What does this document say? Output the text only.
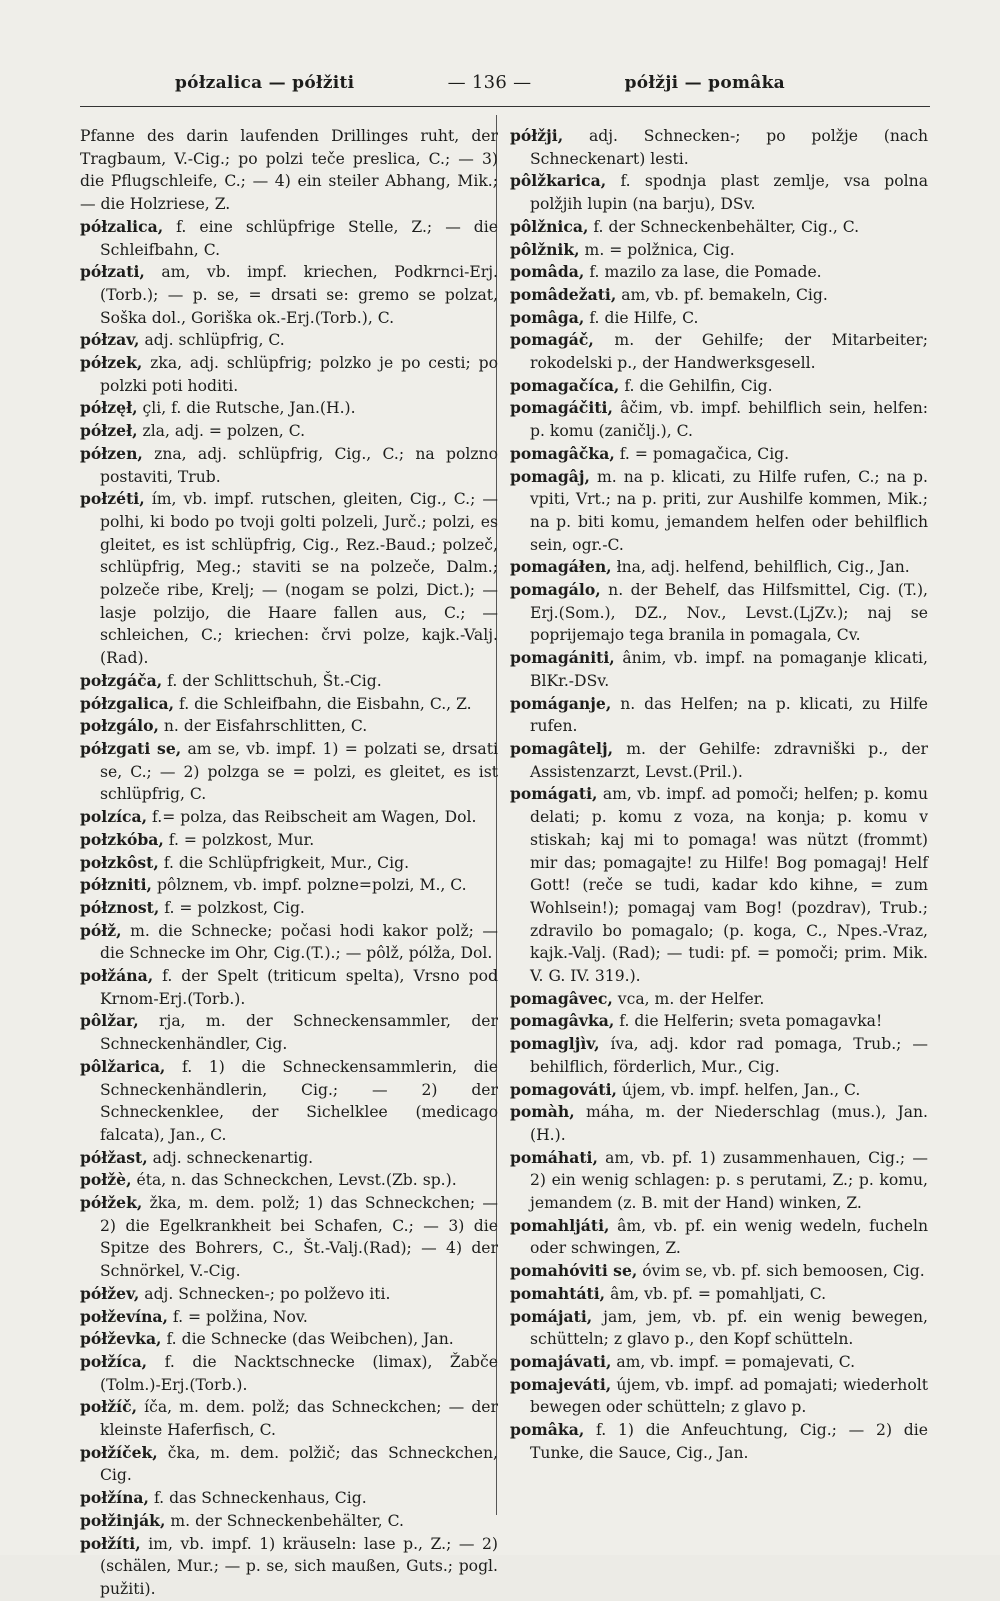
półzalica — półžiti	— 136 —	półžji — pomâka

Pfanne des darin laufenden Drillinges ruht, der Tragbaum, V.-Cig.; po polzi teče preslica, C.; — 3) die Pflugschleife, C.; — 4) ein steiler Abhang, Mik.; — die Holzriese, Z.

półzalica, f. eine schlüpfrige Stelle, Z.; — die Schleifbahn, C.

półzati, am, vb. impf. kriechen, Podkrnci-Erj. (Torb.); — p. se, = drsati se: gremo se polzat, Soška dol., Goriška ok.-Erj.(Torb.), C.

półzav, adj. schlüpfrig, C.

półzek, zka, adj. schlüpfrig; polzko je po cesti; po polzki poti hoditi.

półzęł, çli, f. die Rutsche, Jan.(H.).

półzeł, zla, adj. = polzen, C.

półzen, zna, adj. schlüpfrig, Cig., C.; na polzno postaviti, Trub.

połzéti, ím, vb. impf. rutschen, gleiten, Cig., C.; — polhi, ki bodo po tvoji golti polzeli, Jurč.; polzi, es gleitet, es ist schlüpfrig, Cig., Rez.-Baud.; polzeč, schlüpfrig, Meg.; staviti se na polzeče, Dalm.; polzeče ribe, Krelj; — (nogam se polzi, Dict.); — lasje polzijo, die Haare fallen aus, C.; — schleichen, C.; kriechen: črvi polze, kajk.-Valj.(Rad).

połzgáča, f. der Schlittschuh, Št.-Cig.

półzgalica, f. die Schleifbahn, die Eisbahn, C., Z.

połzgálo, n. der Eisfahrschlitten, C.

półzgati se, am se, vb. impf. 1) = polzati se, drsati se, C.; — 2) polzga se = polzi, es gleitet, es ist schlüpfrig, C.

polzíca, f.= polza, das Reibscheit am Wagen, Dol.

połzkóba, f. = polzkost, Mur.

połzkôst, f. die Schlüpfrigkeit, Mur., Cig.

półzniti, pôlznem, vb. impf. polzne=polzi, M., C.

półznost, f. = polzkost, Cig.

półž, m. die Schnecke; počasi hodi kakor polž; — die Schnecke im Ohr, Cig.(T.).; — pôlž, pólža, Dol.

połžána, f. der Spelt (triticum spelta), Vrsno pod Krnom-Erj.(Torb.).

pôlžar, rja, m. der Schneckensammler, der Schneckenhändler, Cig.

pôlžarica, f. 1) die Schneckensammlerin, die Schneckenhändlerin, Cig.; — 2) der Schneckenklee, der Sichelklee (medicago falcata), Jan., C.

półžast, adj. schneckenartig.

połžè, éta, n. das Schneckchen, Levst.(Zb. sp.).

półžek, žka, m. dem. polž; 1) das Schneckchen; — 2) die Egelkrankheit bei Schafen, C.; — 3) die Spitze des Bohrers, C., Št.-Valj.(Rad); — 4) der Schnörkel, V.-Cig.

półžev, adj. Schnecken-; po polževo iti.

połževína, f. = polžina, Nov.

półževka, f. die Schnecke (das Weibchen), Jan.

połžíca, f. die Nacktschnecke (limax), Žabče (Tolm.)-Erj.(Torb.).

połžíč, íča, m. dem. polž; das Schneckchen; — der kleinste Haferfisch, C.

połžíček, čka, m. dem. polžič; das Schneckchen, Cig.

połžína, f. das Schneckenhaus, Cig.

połžinják, m. der Schneckenbehälter, C.

połžíti, im, vb. impf. 1) kräuseln: lase p., Z.; — 2) (schälen, Mur.; — p. se, sich maußen, Guts.; pogl. pužiti).

półžji, adj. Schnecken-; po polžje (nach Schneckenart) lesti.

pôlžkarica, f. spodnja plast zemlje, vsa polna polžjih lupin (na barju), DSv.

pôlžnica, f. der Schneckenbehälter, Cig., C.

pôlžnik, m. = polžnica, Cig.

pomâda, f. mazilo za lase, die Pomade.

pomâdežati, am, vb. pf. bemakeln, Cig.

pomâga, f. die Hilfe, C.

pomagáč, m. der Gehilfe; der Mitarbeiter; rokodelski p., der Handwerksgesell.

pomagačíca, f. die Gehilfin, Cig.

pomagáčiti, âčim, vb. impf. behilflich sein, helfen: p. komu (zaničlj.), C.

pomagâčka, f. = pomagačica, Cig.

pomagâj, m. na p. klicati, zu Hilfe rufen, C.; na p. vpiti, Vrt.; na p. priti, zur Aushilfe kommen, Mik.; na p. biti komu, jemandem helfen oder behilflich sein, ogr.-C.

pomagáłen, łna, adj. helfend, behilflich, Cig., Jan.

pomagálo, n. der Behelf, das Hilfsmittel, Cig. (T.), Erj.(Som.), DZ., Nov., Levst.(LjZv.); naj se poprijemajo tega branila in pomagala, Cv.

pomagániti, ânim, vb. impf. na pomaganje klicati, BlKr.-DSv.

pomáganje, n. das Helfen; na p. klicati, zu Hilfe rufen.

pomagâtelj, m. der Gehilfe: zdravniški p., der Assistenzarzt, Levst.(Pril.).

pomágati, am, vb. impf. ad pomoči; helfen; p. komu delati; p. komu z voza, na konja; p. komu v stiskah; kaj mi to pomaga! was nützt (frommt) mir das; pomagajte! zu Hilfe! Bog pomagaj! Helf Gott! (reče se tudi, kadar kdo kihne, = zum Wohlsein!); pomagaj vam Bog! (pozdrav), Trub.; zdravilo bo pomagalo; (p. koga, C., Npes.-Vraz, kajk.-Valj. (Rad); — tudi: pf. = pomoči; prim. Mik. V. G. IV. 319.).

pomagâvec, vca, m. der Helfer.

pomagâvka, f. die Helferin; sveta pomagavka!

pomagljìv, íva, adj. kdor rad pomaga, Trub.; — behilflich, förderlich, Mur., Cig.

pomagováti, újem, vb. impf. helfen, Jan., C.

pomàh, máha, m. der Niederschlag (mus.), Jan. (H.).

pomáhati, am, vb. pf. 1) zusammenhauen, Cig.; — 2) ein wenig schlagen: p. s perutami, Z.; p. komu, jemandem (z. B. mit der Hand) winken, Z.

pomahljáti, âm, vb. pf. ein wenig wedeln, fucheln oder schwingen, Z.

pomahóviti se, óvim se, vb. pf. sich bemoosen, Cig.

pomahtáti, âm, vb. pf. = pomahljati, C.

pomájati, jam, jem, vb. pf. ein wenig bewegen, schütteln; z glavo p., den Kopf schütteln.

pomajávati, am, vb. impf. = pomajevati, C.

pomajeváti, újem, vb. impf. ad pomajati; wiederholt bewegen oder schütteln; z glavo p.

pomâka, f. 1) die Anfeuchtung, Cig.; — 2) die Tunke, die Sauce, Cig., Jan.
